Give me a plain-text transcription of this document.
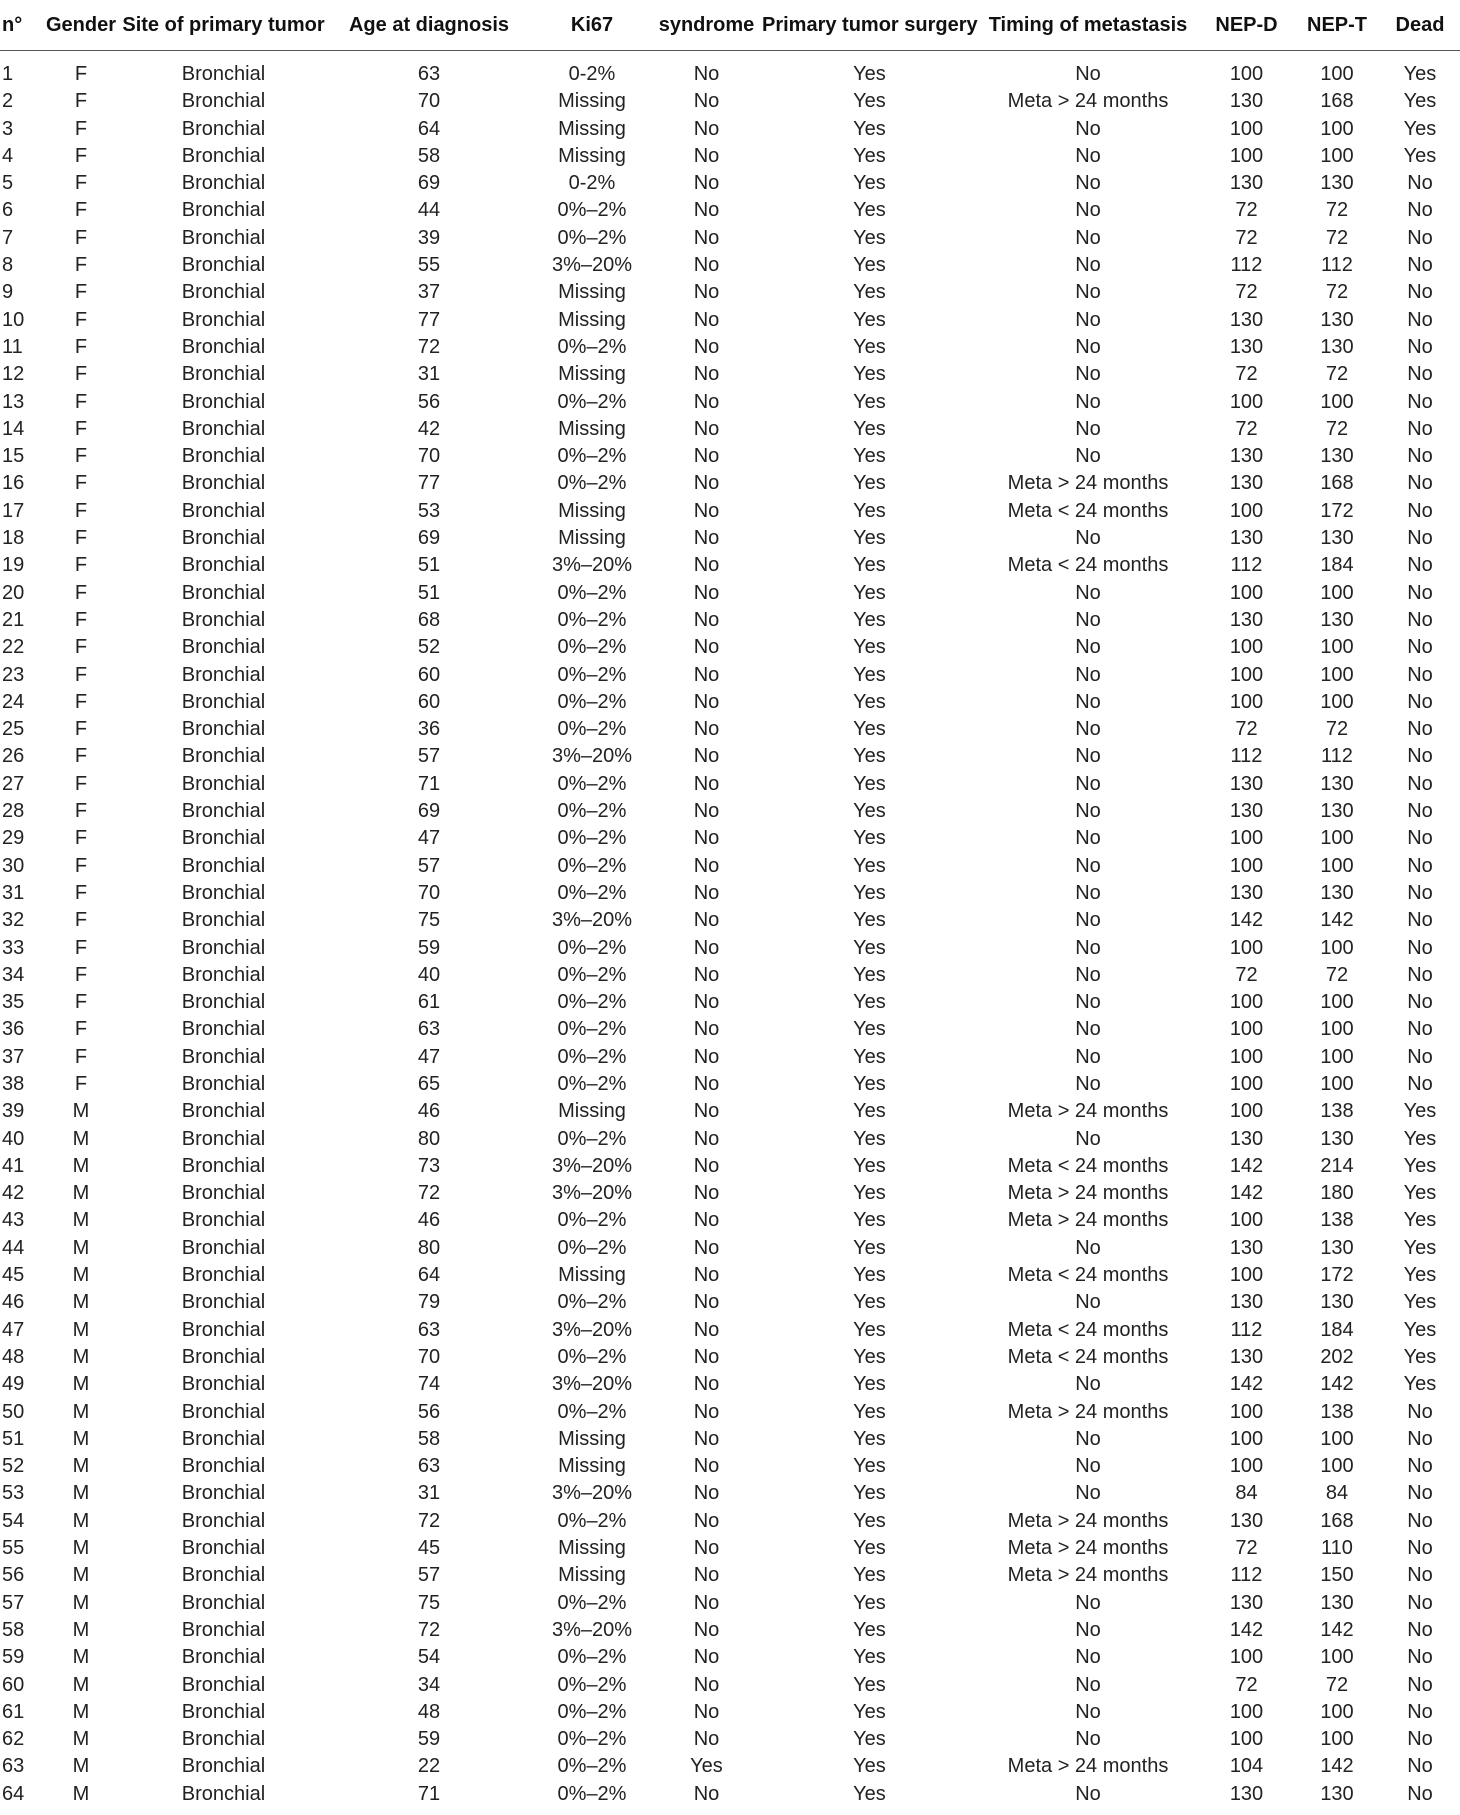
n°	Gender	Site of primary tumor	Age at diagnosis	Ki67	syndrome	Primary tumor surgery	Timing of metastasis	NEP-D	NEP-T	Dead
1	F	Bronchial	63	0-2%	No	Yes	No	100	100	Yes
2	F	Bronchial	70	Missing	No	Yes	Meta > 24 months	130	168	Yes
3	F	Bronchial	64	Missing	No	Yes	No	100	100	Yes
4	F	Bronchial	58	Missing	No	Yes	No	100	100	Yes
5	F	Bronchial	69	0-2%	No	Yes	No	130	130	No
6	F	Bronchial	44	0%–2%	No	Yes	No	72	72	No
7	F	Bronchial	39	0%–2%	No	Yes	No	72	72	No
8	F	Bronchial	55	3%–20%	No	Yes	No	112	112	No
9	F	Bronchial	37	Missing	No	Yes	No	72	72	No
10	F	Bronchial	77	Missing	No	Yes	No	130	130	No
11	F	Bronchial	72	0%–2%	No	Yes	No	130	130	No
12	F	Bronchial	31	Missing	No	Yes	No	72	72	No
13	F	Bronchial	56	0%–2%	No	Yes	No	100	100	No
14	F	Bronchial	42	Missing	No	Yes	No	72	72	No
15	F	Bronchial	70	0%–2%	No	Yes	No	130	130	No
16	F	Bronchial	77	0%–2%	No	Yes	Meta > 24 months	130	168	No
17	F	Bronchial	53	Missing	No	Yes	Meta < 24 months	100	172	No
18	F	Bronchial	69	Missing	No	Yes	No	130	130	No
19	F	Bronchial	51	3%–20%	No	Yes	Meta < 24 months	112	184	No
20	F	Bronchial	51	0%–2%	No	Yes	No	100	100	No
21	F	Bronchial	68	0%–2%	No	Yes	No	130	130	No
22	F	Bronchial	52	0%–2%	No	Yes	No	100	100	No
23	F	Bronchial	60	0%–2%	No	Yes	No	100	100	No
24	F	Bronchial	60	0%–2%	No	Yes	No	100	100	No
25	F	Bronchial	36	0%–2%	No	Yes	No	72	72	No
26	F	Bronchial	57	3%–20%	No	Yes	No	112	112	No
27	F	Bronchial	71	0%–2%	No	Yes	No	130	130	No
28	F	Bronchial	69	0%–2%	No	Yes	No	130	130	No
29	F	Bronchial	47	0%–2%	No	Yes	No	100	100	No
30	F	Bronchial	57	0%–2%	No	Yes	No	100	100	No
31	F	Bronchial	70	0%–2%	No	Yes	No	130	130	No
32	F	Bronchial	75	3%–20%	No	Yes	No	142	142	No
33	F	Bronchial	59	0%–2%	No	Yes	No	100	100	No
34	F	Bronchial	40	0%–2%	No	Yes	No	72	72	No
35	F	Bronchial	61	0%–2%	No	Yes	No	100	100	No
36	F	Bronchial	63	0%–2%	No	Yes	No	100	100	No
37	F	Bronchial	47	0%–2%	No	Yes	No	100	100	No
38	F	Bronchial	65	0%–2%	No	Yes	No	100	100	No
39	M	Bronchial	46	Missing	No	Yes	Meta > 24 months	100	138	Yes
40	M	Bronchial	80	0%–2%	No	Yes	No	130	130	Yes
41	M	Bronchial	73	3%–20%	No	Yes	Meta < 24 months	142	214	Yes
42	M	Bronchial	72	3%–20%	No	Yes	Meta > 24 months	142	180	Yes
43	M	Bronchial	46	0%–2%	No	Yes	Meta > 24 months	100	138	Yes
44	M	Bronchial	80	0%–2%	No	Yes	No	130	130	Yes
45	M	Bronchial	64	Missing	No	Yes	Meta < 24 months	100	172	Yes
46	M	Bronchial	79	0%–2%	No	Yes	No	130	130	Yes
47	M	Bronchial	63	3%–20%	No	Yes	Meta < 24 months	112	184	Yes
48	M	Bronchial	70	0%–2%	No	Yes	Meta < 24 months	130	202	Yes
49	M	Bronchial	74	3%–20%	No	Yes	No	142	142	Yes
50	M	Bronchial	56	0%–2%	No	Yes	Meta > 24 months	100	138	No
51	M	Bronchial	58	Missing	No	Yes	No	100	100	No
52	M	Bronchial	63	Missing	No	Yes	No	100	100	No
53	M	Bronchial	31	3%–20%	No	Yes	No	84	84	No
54	M	Bronchial	72	0%–2%	No	Yes	Meta > 24 months	130	168	No
55	M	Bronchial	45	Missing	No	Yes	Meta > 24 months	72	110	No
56	M	Bronchial	57	Missing	No	Yes	Meta > 24 months	112	150	No
57	M	Bronchial	75	0%–2%	No	Yes	No	130	130	No
58	M	Bronchial	72	3%–20%	No	Yes	No	142	142	No
59	M	Bronchial	54	0%–2%	No	Yes	No	100	100	No
60	M	Bronchial	34	0%–2%	No	Yes	No	72	72	No
61	M	Bronchial	48	0%–2%	No	Yes	No	100	100	No
62	M	Bronchial	59	0%–2%	No	Yes	No	100	100	No
63	M	Bronchial	22	0%–2%	Yes	Yes	Meta > 24 months	104	142	No
64	M	Bronchial	71	0%–2%	No	Yes	No	130	130	No
